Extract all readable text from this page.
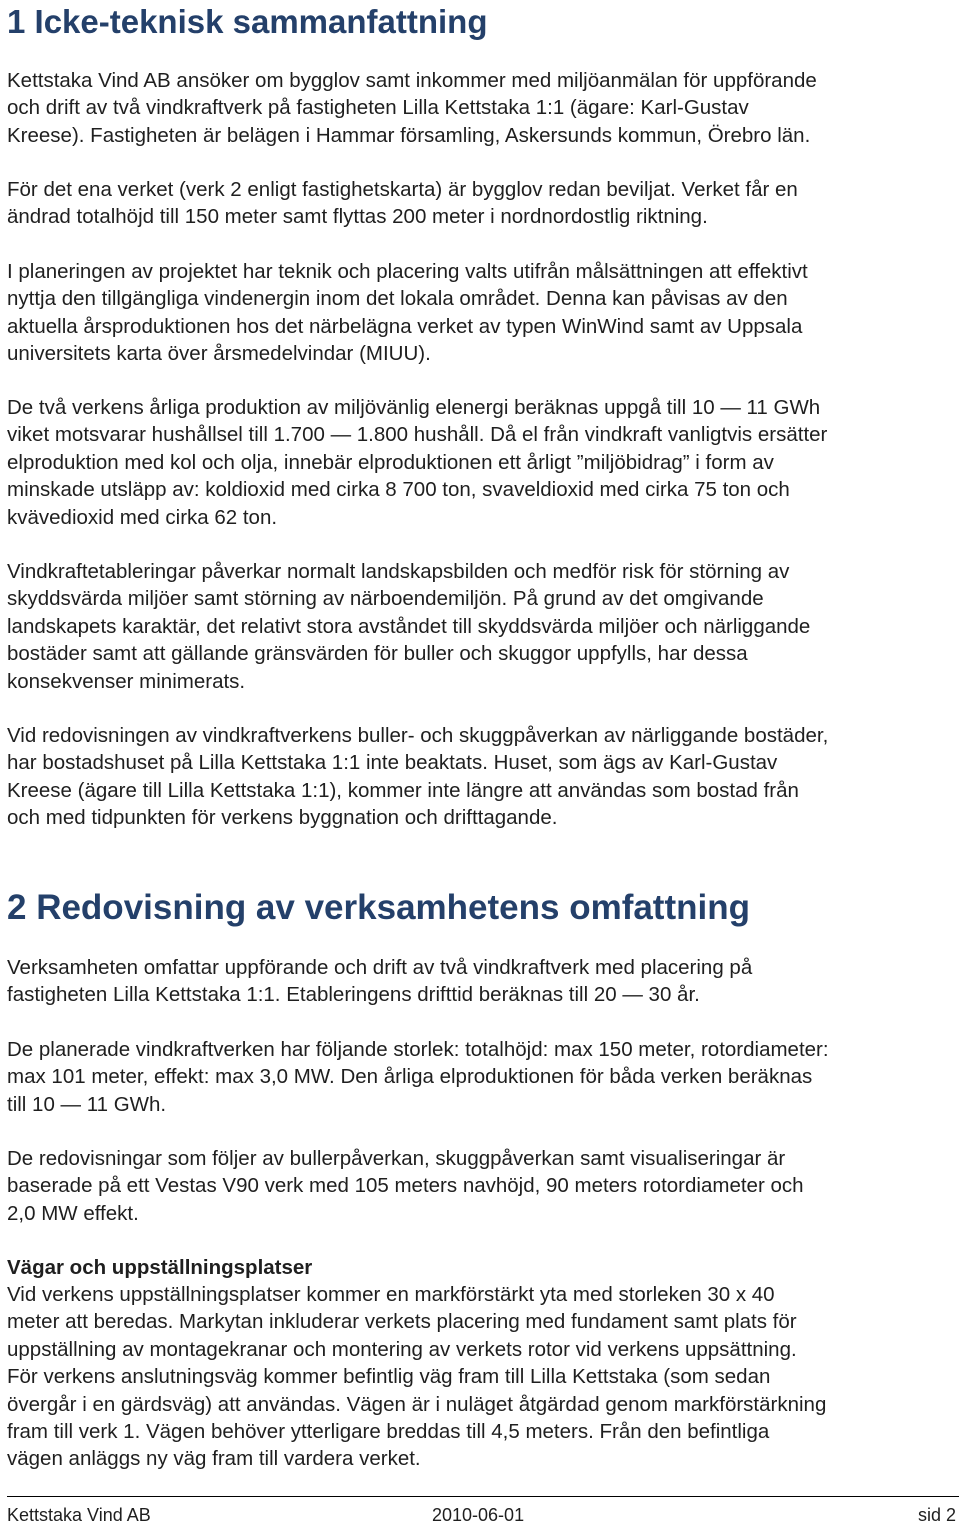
1 Icke-teknisk sammanfattning

Kettstaka Vind AB ansöker om bygglov samt inkommer med miljöanmälan för uppförande
och drift av två vindkraftverk på fastigheten Lilla Kettstaka 1:1 (ägare: Karl-Gustav
Kreese). Fastigheten är belägen i Hammar församling, Askersunds kommun, Örebro län.

För det ena verket (verk 2 enligt fastighetskarta) är bygglov redan beviljat. Verket får en
ändrad totalhöjd till 150 meter samt flyttas 200 meter i nordnordostlig riktning.

I planeringen av projektet har teknik och placering valts utifrån målsättningen att effektivt
nyttja den tillgängliga vindenergin inom det lokala området. Denna kan påvisas av den
aktuella årsproduktionen hos det närbelägna verket av typen WinWind samt av Uppsala
universitets karta över årsmedelvindar (MIUU).

De två verkens årliga produktion av miljövänlig elenergi beräknas uppgå till 10 — 11 GWh
viket motsvarar hushållsel till 1.700 — 1.800 hushåll. Då el från vindkraft vanligtvis ersätter
elproduktion med kol och olja, innebär elproduktionen ett årligt ”miljöbidrag” i form av
minskade utsläpp av: koldioxid med cirka 8 700 ton, svaveldioxid med cirka 75 ton och
kvävedioxid med cirka 62 ton.

Vindkraftetableringar påverkar normalt landskapsbilden och medför risk för störning av
skyddsvärda miljöer samt störning av närboendemiljön. På grund av det omgivande
landskapets karaktär, det relativt stora avståndet till skyddsvärda miljöer och närliggande
bostäder samt att gällande gränsvärden för buller och skuggor uppfylls, har dessa
konsekvenser minimerats.

Vid redovisningen av vindkraftverkens buller- och skuggpåverkan av närliggande bostäder,
har bostadshuset på Lilla Kettstaka 1:1 inte beaktats. Huset, som ägs av Karl-Gustav
Kreese (ägare till Lilla Kettstaka 1:1), kommer inte längre att användas som bostad från
och med tidpunkten för verkens byggnation och drifttagande.

2 Redovisning av verksamhetens omfattning

Verksamheten omfattar uppförande och drift av två vindkraftverk med placering på
fastigheten Lilla Kettstaka 1:1. Etableringens drifttid beräknas till 20 — 30 år.

De planerade vindkraftverken har följande storlek: totalhöjd: max 150 meter, rotordiameter:
max 101 meter, effekt: max 3,0 MW. Den årliga elproduktionen för båda verken beräknas
till 10 — 11 GWh.

De redovisningar som följer av bullerpåverkan, skuggpåverkan samt visualiseringar är
baserade på ett Vestas V90 verk med 105 meters navhöjd, 90 meters rotordiameter och
2,0 MW effekt.

Vägar och uppställningsplatser

Vid verkens uppställningsplatser kommer en markförstärkt yta med storleken 30 x 40
meter att beredas. Markytan inkluderar verkets placering med fundament samt plats för
uppställning av montagekranar och montering av verkets rotor vid verkens uppsättning.
För verkens anslutningsväg kommer befintlig väg fram till Lilla Kettstaka (som sedan
övergår i en gärdsväg) att användas. Vägen är i nuläget åtgärdad genom markförstärkning
fram till verk 1. Vägen behöver ytterligare breddas till 4,5 meters. Från den befintliga
vägen anläggs ny väg fram till vardera verket.

Kettstaka Vind AB	2010-06-01	sid 2
